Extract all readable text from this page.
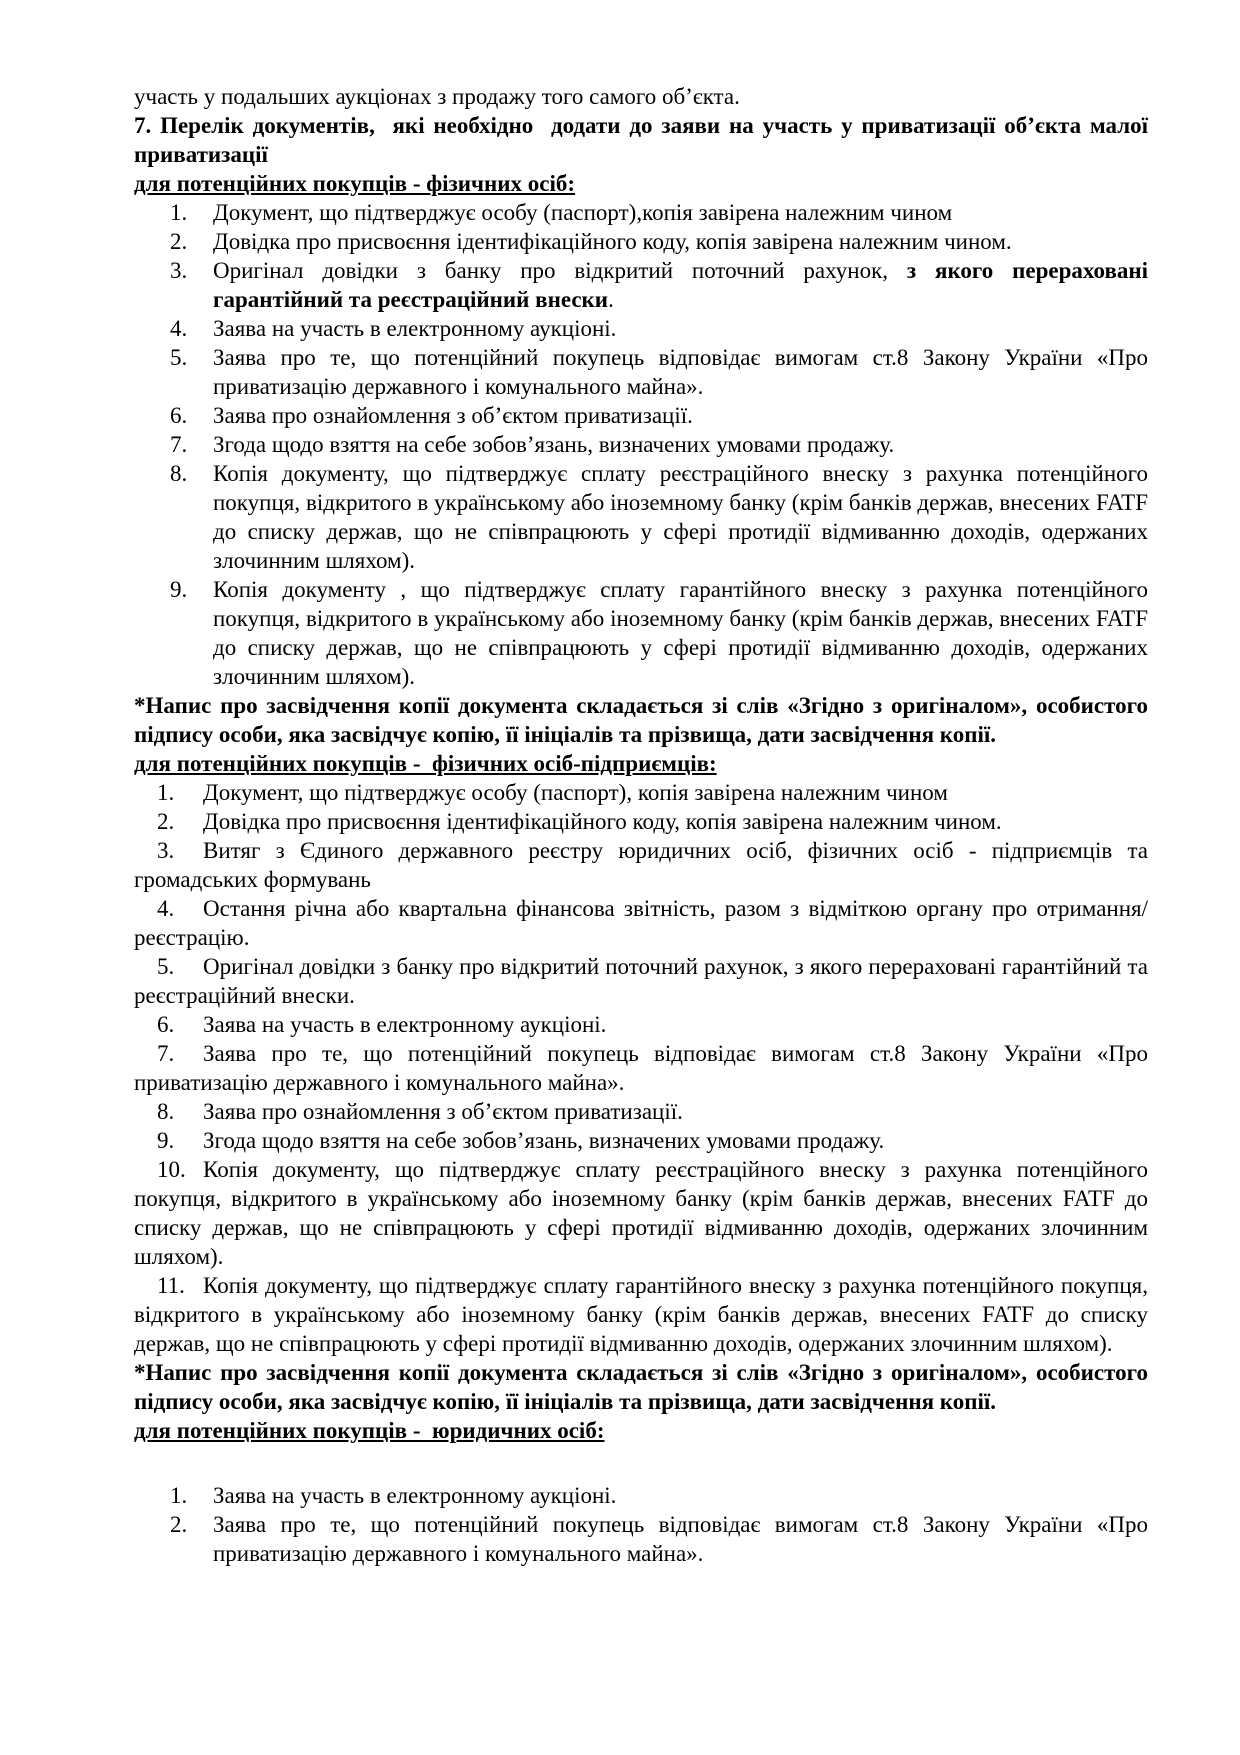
участь у подальших аукціонах з продажу того самого об’єкта.

7. Перелік документів,  які необхідно  додати до заяви на участь у приватизації об’єкта малої приватизації

для потенційних покупців - фізичних осіб:
1.	Документ, що підтверджує особу (паспорт),копія завірена належним чином
2.	Довідка про присвоєння ідентифікаційного коду, копія завірена належним чином.
3.	Оригінал довідки з банку про відкритий поточний рахунок, з якого перераховані гарантійний та реєстраційний внески.
4.	Заява на участь в електронному аукціоні.
5.	Заява про те, що потенційний покупець відповідає вимогам ст.8 Закону України «Про приватизацію державного і комунального майна».
6.	Заява про ознайомлення з об’єктом приватизації.
7.	Згода щодо взяття на себе зобов’язань, визначених умовами продажу.
8.	Копія документу, що підтверджує сплату реєстраційного внеску з рахунка потенційного покупця, відкритого в українському або іноземному банку (крім банків держав, внесених FATF до списку держав, що не співпрацюють у сфері протидії відмиванню доходів, одержаних злочинним шляхом).
9.	Копія документу , що підтверджує сплату гарантійного внеску з рахунка потенційного покупця, відкритого в українському або іноземному банку (крім банків держав, внесених FATF до списку держав, що не співпрацюють у сфері протидії відмиванню доходів, одержаних злочинним шляхом).

*Напис про засвідчення копії документа складається зі слів «Згідно з оригіналом», особистого підпису особи, яка засвідчує копію, її ініціалів та прізвища, дати засвідчення копії.

для потенційних покупців -  фізичних осіб-підприємців:

1. Документ, що підтверджує особу (паспорт), копія завірена належним чином

2. Довідка про присвоєння ідентифікаційного коду, копія завірена належним чином.

3. Витяг з Єдиного державного реєстру юридичних осіб, фізичних осіб - підприємців та громадських формувань

4. Остання річна або квартальна фінансова звітність, разом з відміткою органу про отримання/реєстрацію.

5. Оригінал довідки з банку про відкритий поточний рахунок, з якого перераховані гарантійний та реєстраційний внески.

6. Заява на участь в електронному аукціоні.

7. Заява про те, що потенційний покупець відповідає вимогам ст.8 Закону України «Про приватизацію державного і комунального майна».

8. Заява про ознайомлення з об’єктом приватизації.

9. Згода щодо взяття на себе зобов’язань, визначених умовами продажу.

10. Копія документу, що підтверджує сплату реєстраційного внеску з рахунка потенційного покупця, відкритого в українському або іноземному банку (крім банків держав, внесених FATF до списку держав, що не співпрацюють у сфері протидії відмиванню доходів, одержаних злочинним шляхом).

11. Копія документу, що підтверджує сплату гарантійного внеску з рахунка потенційного покупця, відкритого в українському або іноземному банку (крім банків держав, внесених FATF до списку держав, що не співпрацюють у сфері протидії відмиванню доходів, одержаних злочинним шляхом).

*Напис про засвідчення копії документа складається зі слів «Згідно з оригіналом», особистого підпису особи, яка засвідчує копію, її ініціалів та прізвища, дати засвідчення копії.

для потенційних покупців -  юридичних осіб:
1.	Заява на участь в електронному аукціоні.
2.	Заява про те, що потенційний покупець відповідає вимогам ст.8 Закону України «Про приватизацію державного і комунального майна».
